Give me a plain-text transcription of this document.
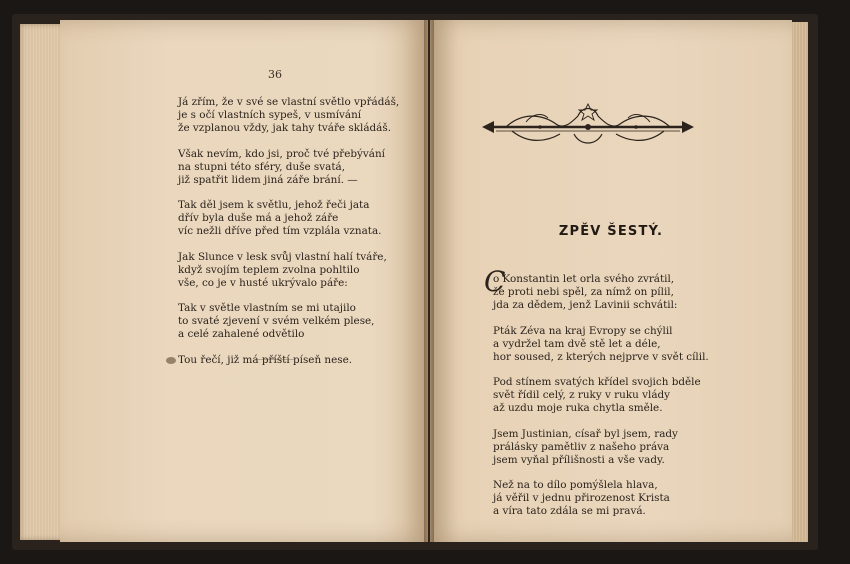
36
Já zřím, že v své se vlastní světlo vpřádáš,
je s očí vlastních sypeš, v usmívání
že vzplanou vždy, jak tahy tváře skládáš.
Však nevím, kdo jsi, proč tvé přebývání
na stupni této sféry, duše svatá,
již spatřit lidem jiná záře brání. —
Tak děl jsem k světlu, jehož řeči jata
dřív byla duše má a jehož záře
víc nežli dříve před tím vzplála vznata.
Jak Slunce v lesk svůj vlastní halí tváře,
když svojím teplem zvolna pohltilo
vše, co je v husté ukrývalo páře:
Tak v světle vlastním se mi utajilo
to svaté zjevení v svém velkém plese,
a celé zahalené odvětilo
Tou řečí, již má příští píseň nese.
ZPĚV ŠESTÝ.
C
o Konstantin let orla svého zvrátil,
že proti nebi spěl, za nímž on pílil,
jda za dědem, jenž Lavinii schvátil:
Pták Zéva na kraj Evropy se chýlil
a vydržel tam dvě stě let a déle,
hor soused, z kterých nejprve v svět cílil.
Pod stínem svatých křídel svojich bděle
svět řídil celý, z ruky v ruku vlády
až uzdu moje ruka chytla směle.
Jsem Justinian, císař byl jsem, rady
prálásky pamětliv z našeho práva
jsem vyňal přílišnosti a vše vady.
Než na to dílo pomýšlela hlava,
já věřil v jednu přirozenost Krista
a víra tato zdála se mi pravá.
